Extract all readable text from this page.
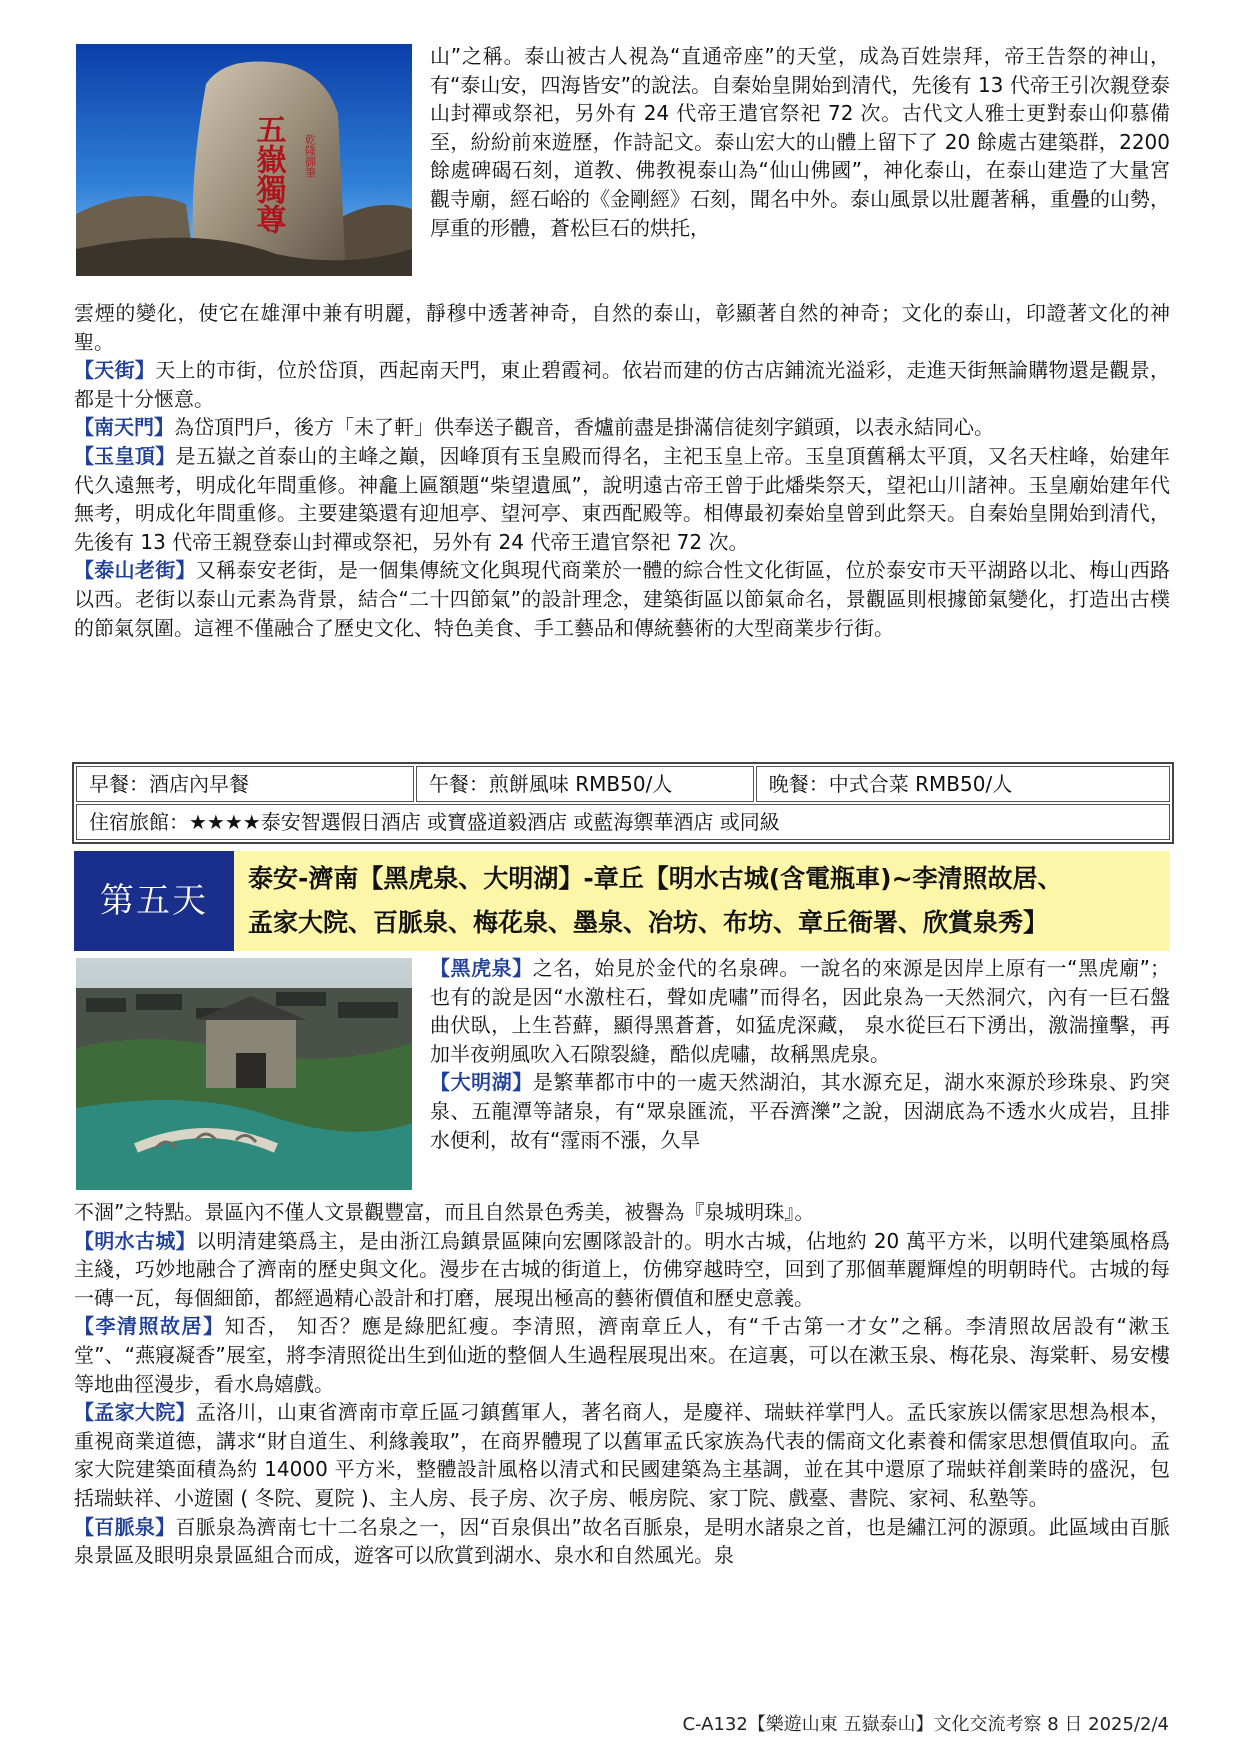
五嶽獨尊 乾隆御筆

山”之稱。泰山被古人視為“直通帝座”的天堂，成為百姓崇拜，帝王告祭的神山，有“泰山安，四海皆安”的說法。自秦始皇開始到清代，先後有 13 代帝王引次親登泰山封禪或祭祀，另外有 24 代帝王遣官祭祀 72 次。古代文人雅士更對泰山仰慕備至，紛紛前來遊歷，作詩記文。泰山宏大的山體上留下了 20 餘處古建築群，2200 餘處碑碣石刻，道教、佛教視泰山為“仙山佛國”，神化泰山，在泰山建造了大量宮觀寺廟，經石峪的《金剛經》石刻，聞名中外。泰山風景以壯麗著稱，重疊的山勢，厚重的形體，蒼松巨石的烘托，

雲煙的變化，使它在雄渾中兼有明麗，靜穆中透著神奇，自然的泰山，彰顯著自然的神奇；文化的泰山，印證著文化的神聖。

【天街】天上的市街，位於岱頂，西起南天門，東止碧霞祠。依岩而建的仿古店鋪流光溢彩，走進天街無論購物還是觀景，都是十分愜意。

【南天門】為岱頂門戶，後方「未了軒」供奉送子觀音，香爐前盡是掛滿信徒刻字鎖頭，以表永結同心。

【玉皇頂】是五嶽之首泰山的主峰之巔，因峰頂有玉皇殿而得名，主祀玉皇上帝。玉皇頂舊稱太平頂，又名天柱峰，始建年代久遠無考，明成化年間重修。神龕上匾額題“柴望遺風”，說明遠古帝王曾于此燔柴祭天，望祀山川諸神。玉皇廟始建年代無考，明成化年間重修。主要建築還有迎旭亭、望河亭、東西配殿等。相傳最初秦始皇曾到此祭天。自秦始皇開始到清代，先後有 13 代帝王親登泰山封禪或祭祀，另外有 24 代帝王遣官祭祀 72 次。

【泰山老街】又稱泰安老街，是一個集傳統文化與現代商業於一體的綜合性文化街區，位於泰安市天平湖路以北、梅山西路以西。老街以泰山元素為背景，結合“二十四節氣”的設計理念，建築街區以節氣命名，景觀區則根據節氣變化，打造出古樸的節氣氛圍。這裡不僅融合了歷史文化、特色美食、手工藝品和傳統藝術的大型商業步行街。

早餐：酒店內早餐	午餐：煎餅風味 RMB50/人	晚餐：中式合菜 RMB50/人
住宿旅館：★★★★泰安智選假日酒店 或寶盛道毅酒店 或藍海禦華酒店 或同級
第五天
泰安-濟南【黑虎泉、大明湖】-章丘【明水古城(含電瓶車)~李清照故居、
孟家大院、百脈泉、梅花泉、墨泉、冶坊、布坊、章丘衙署、欣賞泉秀】

【黑虎泉】之名，始見於金代的名泉碑。一說名的來源是因岸上原有一“黑虎廟”； 也有的說是因“水激柱石，聲如虎嘯”而得名，因此泉為一天然洞穴，內有一巨石盤曲伏臥，上生苔蘚，顯得黑蒼蒼，如猛虎深藏， 泉水從巨石下湧出，激湍撞擊，再加半夜朔風吹入石隙裂縫，酷似虎嘯，故稱黑虎泉。

【大明湖】是繁華都市中的一處天然湖泊，其水源充足，湖水來源於珍珠泉、趵突泉、五龍潭等諸泉，有“眾泉匯流，平吞濟濼”之說，因湖底為不透水火成岩，且排水便利，故有“霪雨不漲，久旱

不涸”之特點。景區內不僅人文景觀豐富，而且自然景色秀美，被譽為『泉城明珠』。

【明水古城】以明清建築爲主，是由浙江烏鎮景區陳向宏團隊設計的。明水古城，佔地約 20 萬平方米，以明代建築風格爲主綫，巧妙地融合了濟南的歷史與文化。漫步在古城的街道上，仿佛穿越時空，回到了那個華麗輝煌的明朝時代。古城的每一磚一瓦，每個細節，都經過精心設計和打磨，展現出極高的藝術價值和歷史意義。

【李清照故居】知否， 知否？應是綠肥紅瘦。李清照，濟南章丘人，有“千古第一才女”之稱。李清照故居設有“漱玉堂”、“燕寢凝香”展室，將李清照從出生到仙逝的整個人生過程展現出來。在這裏，可以在漱玉泉、梅花泉、海棠軒、易安樓等地曲徑漫步，看水鳥嬉戲。

【孟家大院】孟洛川，山東省濟南市章丘區刁鎮舊軍人，著名商人，是慶祥、瑞蚨祥掌門人。孟氏家族以儒家思想為根本，重視商業道德，講求“財自道生、利緣義取”，在商界體現了以舊軍孟氏家族為代表的儒商文化素養和儒家思想價值取向。孟家大院建築面積為約 14000 平方米，整體設計風格以清式和民國建築為主基調，並在其中還原了瑞蚨祥創業時的盛況，包括瑞蚨祥、小遊園 ( 冬院、夏院 )、主人房、長子房、次子房、帳房院、家丁院、戲臺、書院、家祠、私塾等。

【百脈泉】百脈泉為濟南七十二名泉之一，因“百泉俱出”故名百脈泉，是明水諸泉之首，也是繡江河的源頭。此區域由百脈泉景區及眼明泉景區組合而成，遊客可以欣賞到湖水、泉水和自然風光。泉

C-A132【樂遊山東 五嶽泰山】文化交流考察 8 日 2025/2/4
